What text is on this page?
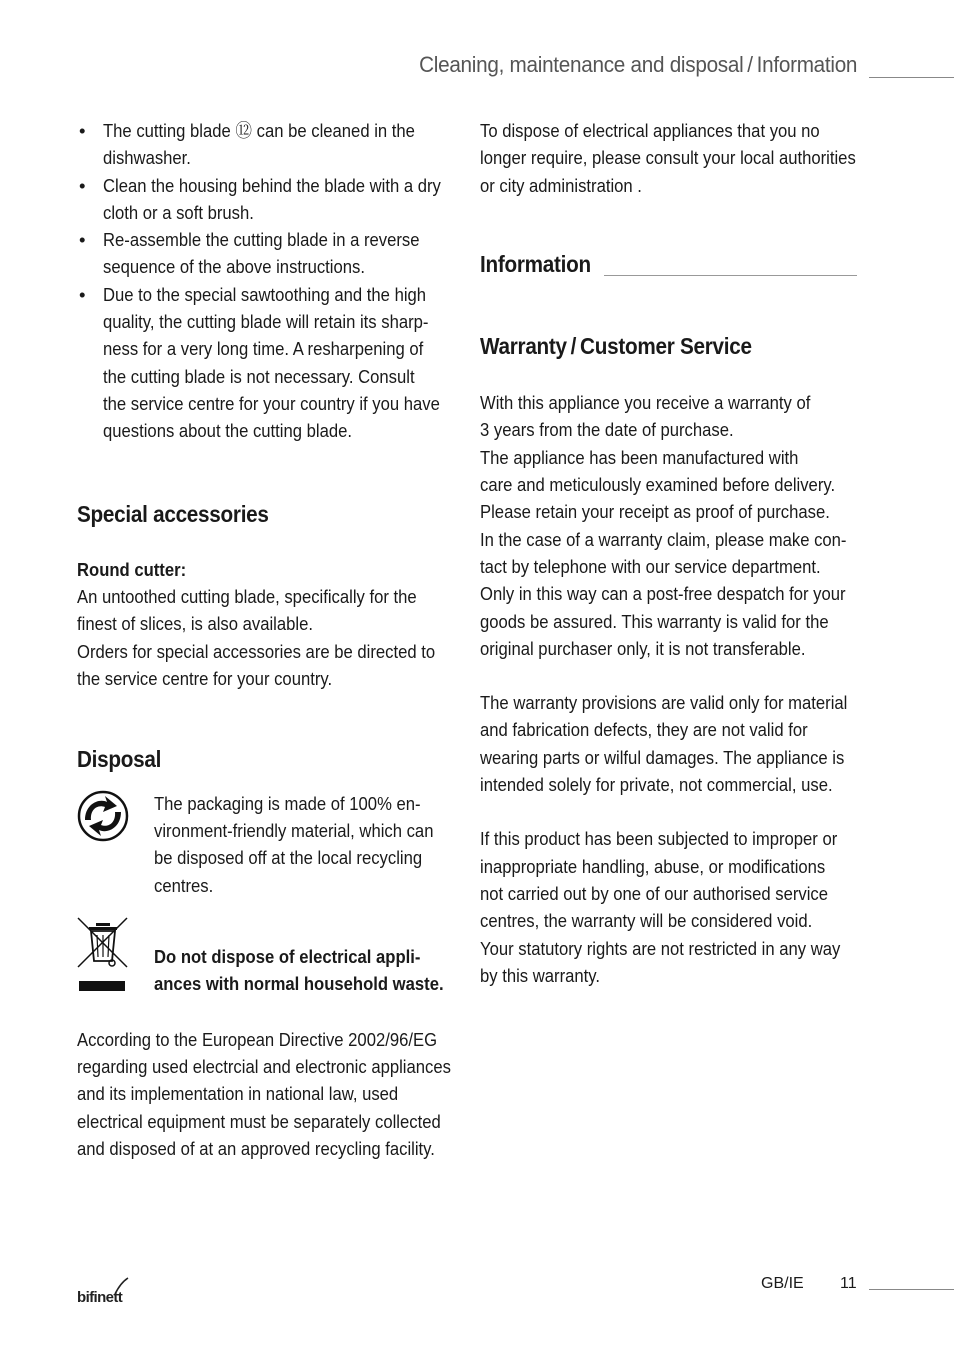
Cleaning, maintenance and disposal / Information
• The cutting blade ⑫ can be cleaned in the

dishwasher.

• Clean the housing behind the blade with a dry

cloth or a soft brush.

• Re-assemble the cutting blade in a reverse

sequence of the above instructions.

• Due to the special sawtoothing and the high

quality, the cutting blade will retain its sharp-

ness for a very long time. A resharpening of

the cutting blade is not necessary. Consult

the service centre for your country if you have

questions about the cutting blade.

Special accessories

Round cutter:

An untoothed cutting blade, specifically for the

finest of slices, is also available.

Orders for special accessories are be directed to

the service centre for your country.

Disposal

The packaging is made of 100% en-

vironment-friendly material, which can

be disposed off at the local recycling

centres.

Do not dispose of electrical appli-

ances with normal household waste.

According to the European Directive 2002/96/EG

regarding used electrcial and electronic appliances

and its implementation in national law, used

electrical equipment must be separately collected

and disposed of at an approved recycling facility.

To dispose of electrical appliances that you no

longer require, please consult your local authorities

or city administration .

Information
Warranty / Customer Service

With this appliance you receive a warranty of

3 years from the date of purchase.

The appliance has been manufactured with

care and meticulously examined before delivery.

Please retain your receipt as proof of purchase.

In the case of a warranty claim, please make con-

tact by telephone with our service department.

Only in this way can a post-free despatch for your

goods be assured. This warranty is valid for the

original purchaser only, it is not transferable.

The warranty provisions are valid only for material

and fabrication defects, they are not valid for

wearing parts or wilful damages. The appliance is

intended solely for private, not commercial, use.

If this product has been subjected to improper or

inappropriate handling, abuse, or modifications

not carried out by one of our authorised service

centres, the warranty will be considered void.

Your statutory rights are not restricted in any way

by this warranty.

bifinett
GB/IE 11
